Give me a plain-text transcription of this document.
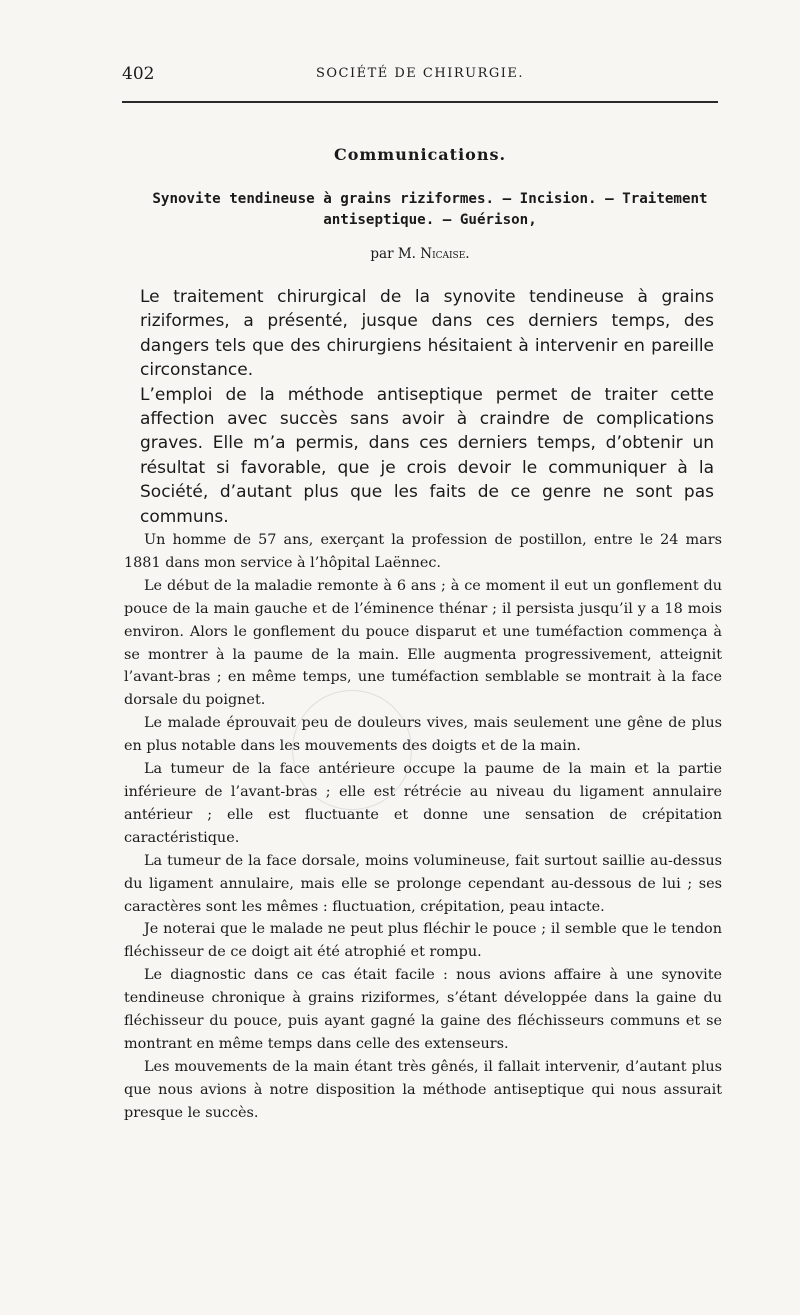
402	SOCIÉTÉ DE CHIRURGIE.
Communications.
Synovite tendineuse à grains riziformes. — Incision. — Traitement
antiseptique. — Guérison,
par M. Nicaise.

Le traitement chirurgical de la synovite tendineuse à grains riziformes, a présenté, jusque dans ces derniers temps, des dangers tels que des chirurgiens hésitaient à intervenir en pareille circonstance.

L’emploi de la méthode antiseptique permet de traiter cette affection avec succès sans avoir à craindre de complications graves. Elle m’a permis, dans ces derniers temps, d’obtenir un résultat si favorable, que je crois devoir le communiquer à la Société, d’autant plus que les faits de ce genre ne sont pas communs.

Un homme de 57 ans, exerçant la profession de postillon, entre le 24 mars 1881 dans mon service à l’hôpital Laënnec.

Le début de la maladie remonte à 6 ans ; à ce moment il eut un gonflement du pouce de la main gauche et de l’éminence thénar ; il persista jusqu’il y a 18 mois environ. Alors le gonflement du pouce disparut et une tuméfaction commença à se montrer à la paume de la main. Elle augmenta progressivement, atteignit l’avant-bras ; en même temps, une tuméfaction semblable se montrait à la face dorsale du poignet.

Le malade éprouvait peu de douleurs vives, mais seulement une gêne de plus en plus notable dans les mouvements des doigts et de la main.

La tumeur de la face antérieure occupe la paume de la main et la partie inférieure de l’avant-bras ; elle est rétrécie au niveau du ligament annulaire antérieur ; elle est fluctuante et donne une sensation de crépitation caractéristique.

La tumeur de la face dorsale, moins volumineuse, fait surtout saillie au-dessus du ligament annulaire, mais elle se prolonge cependant au-dessous de lui ; ses caractères sont les mêmes : fluctuation, crépitation, peau intacte.

Je noterai que le malade ne peut plus fléchir le pouce ; il semble que le tendon fléchisseur de ce doigt ait été atrophié et rompu.

Le diagnostic dans ce cas était facile : nous avions affaire à une synovite tendineuse chronique à grains riziformes, s’étant développée dans la gaine du fléchisseur du pouce, puis ayant gagné la gaine des fléchisseurs communs et se montrant en même temps dans celle des extenseurs.

Les mouvements de la main étant très gênés, il fallait intervenir, d’autant plus que nous avions à notre disposition la méthode antiseptique qui nous assurait presque le succès.
